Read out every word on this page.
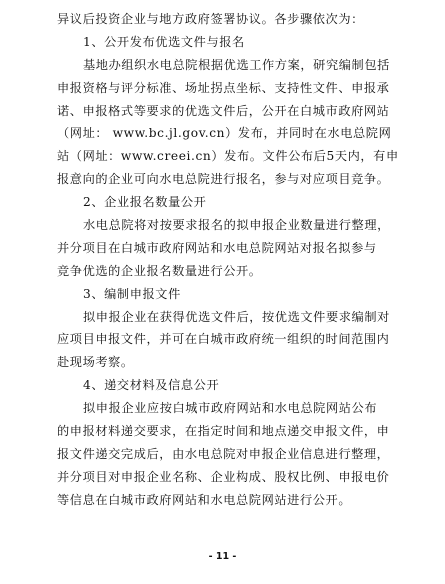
异议后投资企业与地方政府签署协议。各步骤依次为：
1、公开发布优选文件与报名
基地办组织水电总院根据优选工作方案，研究编制包括
申报资格与评分标准、场址拐点坐标、支持性文件、申报承
诺、申报格式等要求的优选文件后，公开在白城市政府网站
（网址： www.bc.jl.gov.cn）发布，并同时在水电总院网
站（网址：www.creei.cn）发布。文件公布后5天内，有申
报意向的企业可向水电总院进行报名，参与对应项目竞争。
2、企业报名数量公开
水电总院将对按要求报名的拟申报企业数量进行整理，
并分项目在白城市政府网站和水电总院网站对报名拟参与
竞争优选的企业报名数量进行公开。
3、编制申报文件
拟申报企业在获得优选文件后，按优选文件要求编制对
应项目申报文件，并可在白城市政府统一组织的时间范围内
赴现场考察。
4、递交材料及信息公开
拟申报企业应按白城市政府网站和水电总院网站公布
的申报材料递交要求，在指定时间和地点递交申报文件，申
报文件递交完成后，由水电总院对申报企业信息进行整理，
并分项目对申报企业名称、企业构成、股权比例、申报电价
等信息在白城市政府网站和水电总院网站进行公开。
- 11 -
